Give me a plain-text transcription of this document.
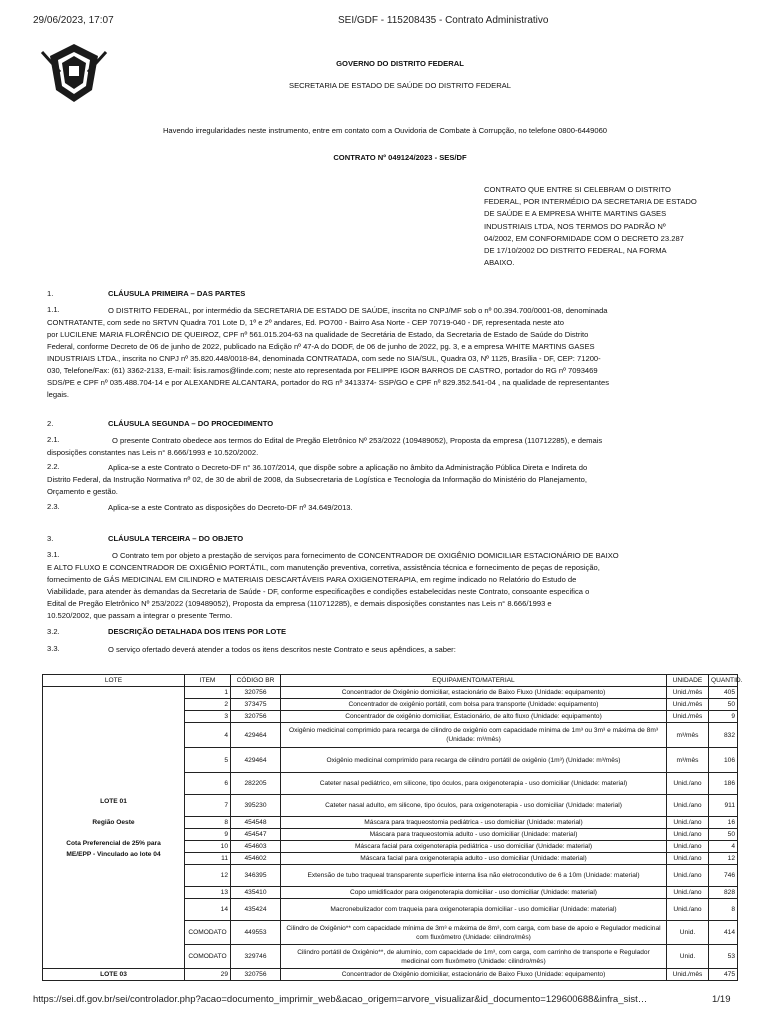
29/06/2023, 17:07	SEI/GDF - 115208435 - Contrato Administrativo
GOVERNO DO DISTRITO FEDERAL
SECRETARIA DE ESTADO DE SAÚDE DO DISTRITO FEDERAL
Havendo irregularidades neste instrumento, entre em contato com a Ouvidoria de Combate à Corrupção, no telefone 0800-6449060
CONTRATO Nº 049124/2023 - SES/DF
CONTRATO QUE ENTRE SI CELEBRAM O DISTRITO
FEDERAL, POR INTERMÉDIO DA SECRETARIA DE ESTADO
DE SAÚDE E A EMPRESA WHITE MARTINS GASES
INDUSTRIAIS LTDA, NOS TERMOS DO PADRÃO Nº
04/2002, EM CONFORMIDADE COM O DECRETO 23.287
DE 17/10/2002 DO DISTRITO FEDERAL, NA FORMA
ABAIXO.
1.	CLÁUSULA PRIMEIRA – DAS PARTES
1.1.	O DISTRITO FEDERAL, por intermédio da SECRETARIA DE ESTADO DE SAÚDE, inscrita no CNPJ/MF sob o nº 00.394.700/0001-08, denominada
CONTRATANTE, com sede no SRTVN Quadra 701 Lote D, 1º e 2º andares, Ed. PO700 - Bairro Asa Norte - CEP 70719-040 - DF, representada neste ato
por LUCILENE MARIA FLORÊNCIO DE QUEIROZ, CPF nº 561.015.204-63 na qualidade de Secretária de Estado, da Secretaria de Estado de Saúde do Distrito
Federal, conforme Decreto de 06 de junho de 2022, publicado na Edição nº 47-A do DODF, de 06 de junho de 2022, pg. 3, e a empresa WHITE MARTINS GASES
INDUSTRIAIS LTDA., inscrita no CNPJ nº 35.820.448/0018-84, denominada CONTRATADA, com sede no SIA/SUL, Quadra 03, Nº 1125, Brasília - DF, CEP: 71200-
030, Telefone/Fax: (61) 3362-2133, E-mail: lisis.ramos@linde.com; neste ato representada por FELIPPE IGOR BARROS DE CASTRO, portador do RG nº 7093469
SDS/PE e CPF nº 035.488.704-14 e por ALEXANDRE ALCANTARA, portador do RG nº 3413374- SSP/GO e CPF nº 829.352.541-04 , na qualidade de representantes
legais.
2.	CLÁUSULA SEGUNDA – DO PROCEDIMENTO
2.1.	O presente Contrato obedece aos termos do Edital de Pregão Eletrônico Nº 253/2022 (109489052), Proposta da empresa (110712285), e demais
disposições constantes nas Leis n° 8.666/1993 e 10.520/2002.
2.2.	Aplica-se a este Contrato o Decreto-DF n° 36.107/2014, que dispõe sobre a aplicação no âmbito da Administração Pública Direta e Indireta do
Distrito Federal, da Instrução Normativa nº 02, de 30 de abril de 2008, da Subsecretaria de Logística e Tecnologia da Informação do Ministério do Planejamento,
Orçamento e gestão.
2.3.	Aplica-se a este Contrato as disposições do Decreto-DF nº 34.649/2013.
3.	CLÁUSULA TERCEIRA – DO OBJETO
3.1.	O Contrato tem por objeto a prestação de serviços para fornecimento de CONCENTRADOR DE OXIGÊNIO DOMICILIAR ESTACIONÁRIO DE BAIXO
E ALTO FLUXO E CONCENTRADOR DE OXIGÊNIO PORTÁTIL, com manutenção preventiva, corretiva, assistência técnica e fornecimento de peças de reposição,
fornecimento de GÁS MEDICINAL EM CILINDRO e MATERIAIS DESCARTÁVEIS PARA OXIGENOTERAPIA, em regime indicado no Relatório do Estudo de
Viabilidade, para atender às demandas da Secretaria de Saúde - DF, conforme especificações e condições estabelecidas neste Contrato, consoante especifica o
Edital de Pregão Eletrônico Nº 253/2022 (109489052), Proposta da empresa (110712285), e demais disposições constantes nas Leis n° 8.666/1993 e
10.520/2002, que passam a integrar o presente Termo.
3.2.	DESCRIÇÃO DETALHADA DOS ITENS POR LOTE
3.3.	O serviço ofertado deverá atender a todos os itens descritos neste Contrato e seus apêndices, a saber:
LOTE	ITEM	CÓDIGO BR	EQUIPAMENTO/MATERIAL	UNIDADE	QUANTID.

LOTE 01
Região Oeste
Cota Preferencial de 25% para
ME/EPP - Vinculado ao lote 04	1	320756	Concentrador de Oxigênio domiciliar, estacionário de Baixo Fluxo (Unidade: equipamento)	Unid./mês	405
	2	373475	Concentrador de oxigênio portátil, com bolsa para transporte (Unidade: equipamento)	Unid./mês	50
	3	320756	Concentrador de oxigênio domiciliar, Estacionário, de alto fluxo (Unidade: equipamento)	Unid./mês	9
	4	429464	Oxigênio medicinal comprimido para recarga de cilindro de oxigênio com capacidade mínima de 1m³ ou 3m³ e máxima de 8m³ (Unidade: m³/mês)	m³/mês	832
	5	429464	Oxigênio medicinal comprimido para recarga de cilindro portátil de oxigênio (1m³) (Unidade: m³/mês)	m³/mês	106
	6	282205	Cateter nasal pediátrico, em silicone, tipo óculos, para oxigenoterapia - uso domiciliar (Unidade: material)	Unid./ano	186
	7	395230	Cateter nasal adulto, em silicone, tipo óculos, para oxigenoterapia - uso domiciliar (Unidade: material)	Unid./ano	911
	8	454548	Máscara para traqueostomia pediátrica - uso domiciliar (Unidade: material)	Unid./ano	16
	9	454547	Máscara para traqueostomia adulto - uso domiciliar (Unidade: material)	Unid./ano	50
	10	454603	Máscara facial para oxigenoterapia pediátrica - uso domiciliar (Unidade: material)	Unid./ano	4
	11	454602	Máscara facial para oxigenoterapia adulto - uso domiciliar (Unidade: material)	Unid./ano	12
	12	346395	Extensão de tubo traqueal transparente superfície interna lisa não eletrocondutivo de 6 a 10m (Unidade: material)	Unid./ano	746
	13	435410	Copo umidificador para oxigenoterapia domiciliar - uso domiciliar (Unidade: material)	Unid./ano	828
	14	435424	Macronebulizador com traqueia para oxigenoterapia domiciliar - uso domiciliar (Unidade: material)	Unid./ano	8
	COMODATO	449553	Cilindro de Oxigênio** com capacidade mínima de 3m³ e máxima de 8m³, com carga, com base de apoio e Regulador medicinal com fluxômetro (Unidade: cilindro/mês)	Unid.	414
	COMODATO	329746	Cilindro portátil de Oxigênio**, de alumínio, com capacidade de 1m³, com carga, com carrinho de transporte e Regulador medicinal com fluxômetro (Unidade: cilindro/mês)	Unid.	53
LOTE 03	29	320756	Concentrador de Oxigênio domiciliar, estacionário de Baixo Fluxo (Unidade: equipamento)	Unid./mês	475
https://sei.df.gov.br/sei/controlador.php?acao=documento_imprimir_web&acao_origem=arvore_visualizar&id_documento=129600688&infra_sist…	1/19
